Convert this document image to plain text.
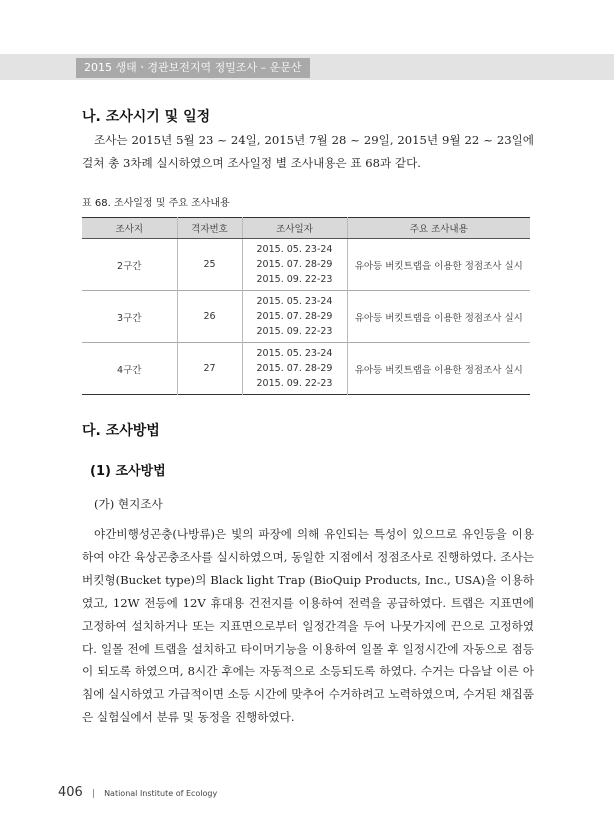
2015 생태ㆍ경관보전지역 정밀조사 – 운문산
나. 조사시기 및 일정

조사는 2015년 5월 23 ~ 24일, 2015년 7월 28 ~ 29일, 2015년 9월 22 ~ 23일에 걸쳐 총 3차례 실시하였으며 조사일정 별 조사내용은 표 68과 같다.

표 68. 조사일정 및 주요 조사내용
조사지	격자번호	조사일자	주요 조사내용
2구간	25	2015. 05. 23-24
2015. 07. 28-29
2015. 09. 22-23	유아등 버킷트랩을 이용한 정점조사 실시
3구간	26	2015. 05. 23-24
2015. 07. 28-29
2015. 09. 22-23	유아등 버킷트랩을 이용한 정점조사 실시
4구간	27	2015. 05. 23-24
2015. 07. 28-29
2015. 09. 22-23	유아등 버킷트랩을 이용한 정점조사 실시
다. 조사방법
(1) 조사방법
(가) 현지조사

야간비행성곤충(나방류)은 빛의 파장에 의해 유인되는 특성이 있으므로 유인등을 이용하여 야간 육상곤충조사를 실시하였으며, 동일한 지점에서 정점조사로 진행하였다. 조사는 버킷형(Bucket type)의 Black light Trap (BioQuip Products, Inc., USA)을 이용하였고, 12W 전등에 12V 휴대용 건전지를 이용하여 전력을 공급하였다. 트랩은 지표면에 고정하여 설치하거나 또는 지표면으로부터 일정간격을 두어 나뭇가지에 끈으로 고정하였다. 일몰 전에 트랩을 설치하고 타이머기능을 이용하여 일몰 후 일정시간에 자동으로 점등이 되도록 하였으며, 8시간 후에는 자동적으로 소등되도록 하였다. 수거는 다음날 이른 아침에 실시하였고 가급적이면 소등 시간에 맞추어 수거하려고 노력하였으며, 수거된 채집품은 실험실에서 분류 및 동정을 진행하였다.

406 | National Institute of Ecology
